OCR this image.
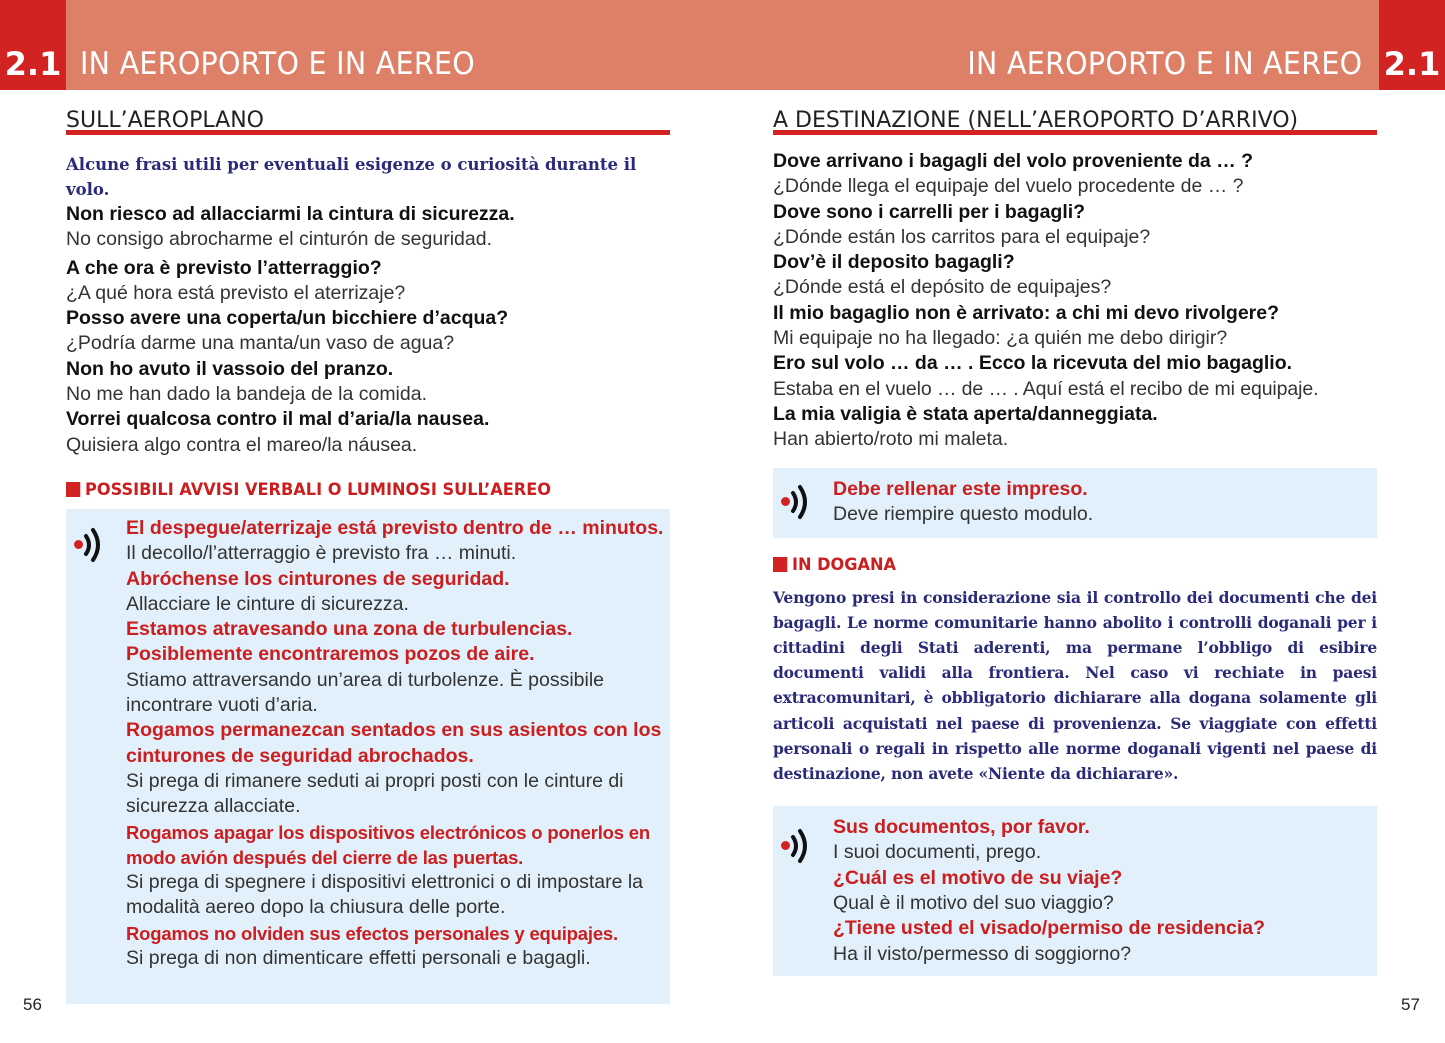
2.1 IN AEROPORTO E IN AEREO	IN AEROPORTO E IN AEREO 2.1
SULL’AEROPLANO
Alcune frasi utili per eventuali esigenze o curiosità durante il volo.
Non riesco ad allacciarmi la cintura di sicurezza.
No consigo abrocharme el cinturón de seguridad.
A che ora è previsto l’atterraggio?
¿A qué hora está previsto el aterrizaje?
Posso avere una coperta/un bicchiere d’acqua?
¿Podría darme una manta/un vaso de agua?
Non ho avuto il vassoio del pranzo.
No me han dado la bandeja de la comida.
Vorrei qualcosa contro il mal d’aria/la nausea.
Quisiera algo contra el mareo/la náusea.
POSSIBILI AVVISI VERBALI O LUMINOSI SULL’AEREO
El despegue/aterrizaje está previsto dentro de … minutos.
Il decollo/l’atterraggio è previsto fra … minuti.
Abróchense los cinturones de seguridad.
Allacciare le cinture di sicurezza.
Estamos atravesando una zona de turbulencias. Posiblemente encontraremos pozos de aire.
Stiamo attraversando un’area di turbolenze. È possibile incontrare vuoti d’aria.
Rogamos permanezcan sentados en sus asientos con los cinturones de seguridad abrochados.
Si prega di rimanere seduti ai propri posti con le cinture di sicurezza allacciate.
Rogamos apagar los dispositivos electrónicos o ponerlos en modo avión después del cierre de las puertas.
Si prega di spegnere i dispositivi elettronici o di impostare la modalità aereo dopo la chiusura delle porte.
Rogamos no olviden sus efectos personales y equipajes.
Si prega di non dimenticare effetti personali e bagagli.
A DESTINAZIONE (NELL’AEROPORTO D’ARRIVO)
Dove arrivano i bagagli del volo proveniente da … ?
¿Dónde llega el equipaje del vuelo procedente de … ?
Dove sono i carrelli per i bagagli?
¿Dónde están los carritos para el equipaje?
Dov’è il deposito bagagli?
¿Dónde está el depósito de equipajes?
Il mio bagaglio non è arrivato: a chi mi devo rivolgere?
Mi equipaje no ha llegado: ¿a quién me debo dirigir?
Ero sul volo … da … . Ecco la ricevuta del mio bagaglio.
Estaba en el vuelo … de … . Aquí está el recibo de mi equipaje.
La mia valigia è stata aperta/danneggiata.
Han abierto/roto mi maleta.
Debe rellenar este impreso.
Deve riempire questo modulo.
IN DOGANA
Vengono presi in considerazione sia il controllo dei documenti che dei bagagli. Le norme comunitarie hanno abolito i controlli doganali per i cittadini degli Stati aderenti, ma permane l’obbligo di esibire documenti validi alla frontiera. Nel caso vi rechiate in paesi extracomunitari, è obbligatorio dichiarare alla dogana solamente gli articoli acquistati nel paese di provenienza. Se viaggiate con effetti personali o regali in rispetto alle norme doganali vigenti nel paese di destinazione, non avete «Niente da dichiarare».
Sus documentos, por favor.
I suoi documenti, prego.
¿Cuál es el motivo de su viaje?
Qual è il motivo del suo viaggio?
¿Tiene usted el visado/permiso de residencia?
Ha il visto/permesso di soggiorno?
56	57
